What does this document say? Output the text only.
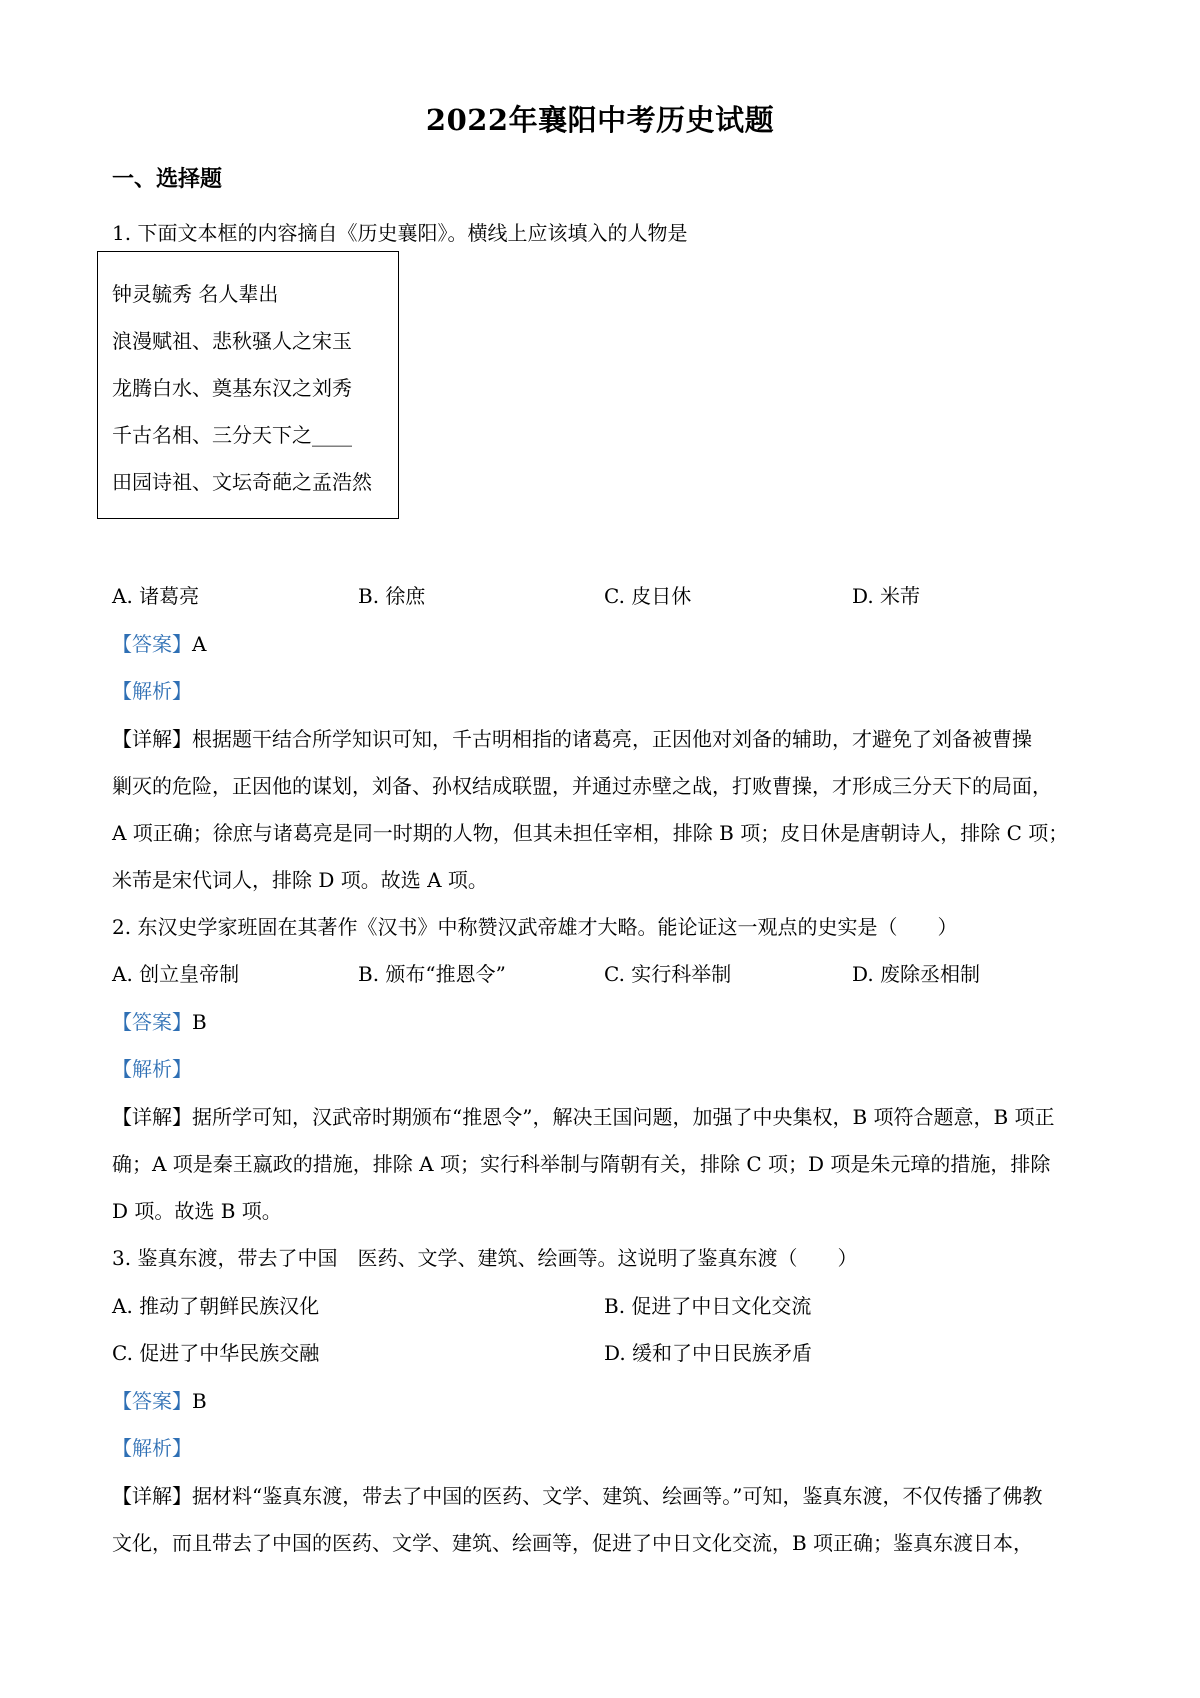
2022年襄阳中考历史试题
一、选择题
1. 下面文本框的内容摘自《历史襄阳》。横线上应该填入的人物是
钟灵毓秀 名人辈出
浪漫赋祖、悲秋骚人之宋玉
龙腾白水、奠基东汉之刘秀
千古名相、三分天下之____
田园诗祖、文坛奇葩之孟浩然
A. 诸葛亮	B. 徐庶	C. 皮日休	D. 米芾
【答案】A
【解析】
【详解】根据题干结合所学知识可知，千古明相指的诸葛亮，正因他对刘备的辅助，才避免了刘备被曹操
剿灭的危险，正因他的谋划，刘备、孙权结成联盟，并通过赤壁之战，打败曹操，才形成三分天下的局面，
A 项正确；徐庶与诸葛亮是同一时期的人物，但其未担任宰相，排除 B 项；皮日休是唐朝诗人，排除 C 项；
米芾是宋代词人，排除 D 项。故选 A 项。
2. 东汉史学家班固在其著作《汉书》中称赞汉武帝雄才大略。能论证这一观点的史实是（　　）
A. 创立皇帝制	B. 颁布“推恩令”	C. 实行科举制	D. 废除丞相制
【答案】B
【解析】
【详解】据所学可知，汉武帝时期颁布“推恩令”，解决王国问题，加强了中央集权，B 项符合题意，B 项正
确；A 项是秦王嬴政的措施，排除 A 项；实行科举制与隋朝有关，排除 C 项；D 项是朱元璋的措施，排除
D 项。故选 B 项。
3. 鉴真东渡，带去了中国　医药、文学、建筑、绘画等。这说明了鉴真东渡（　　）
A. 推动了朝鲜民族汉化	B. 促进了中日文化交流
C. 促进了中华民族交融	D. 缓和了中日民族矛盾
【答案】B
【解析】
【详解】据材料“鉴真东渡，带去了中国的医药、文学、建筑、绘画等。”可知，鉴真东渡，不仅传播了佛教
文化，而且带去了中国的医药、文学、建筑、绘画等，促进了中日文化交流，B 项正确；鉴真东渡日本，
